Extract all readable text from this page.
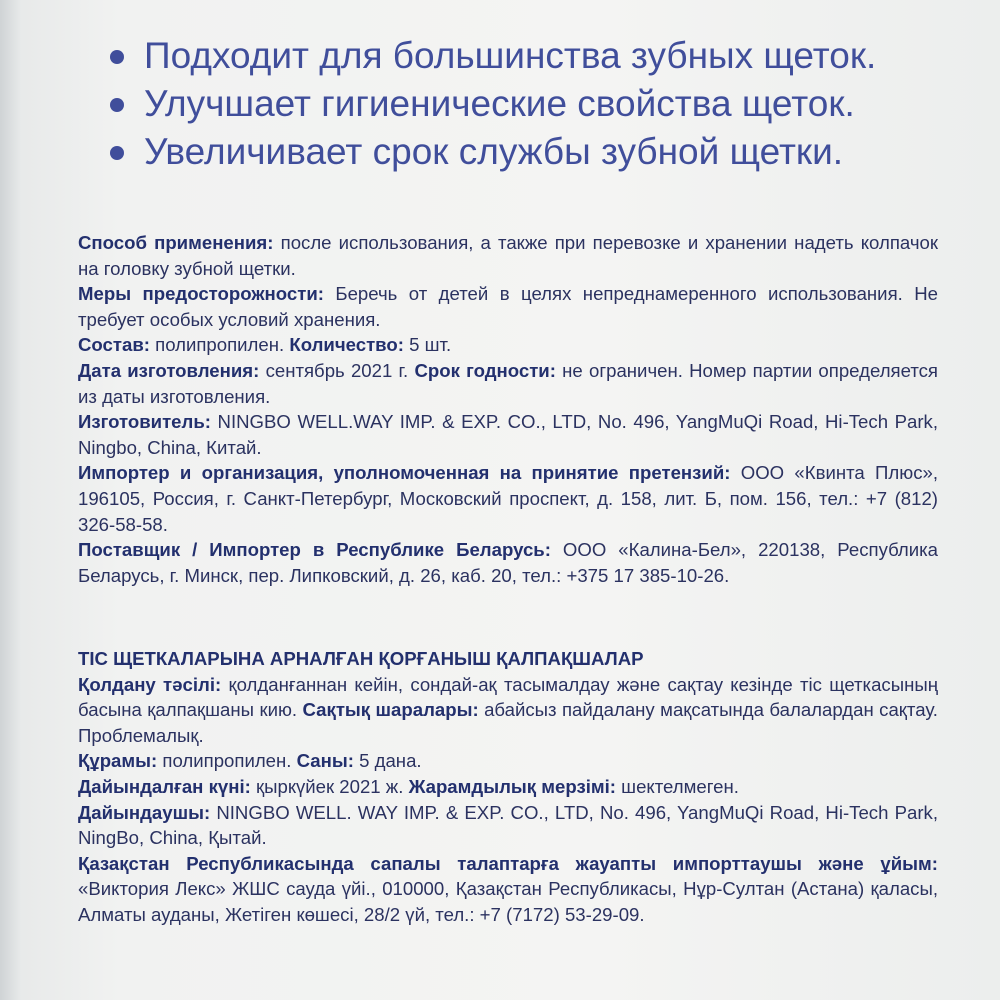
Подходит для большинства зубных щеток.
Улучшает гигиенические свойства щеток.
Увеличивает срок службы зубной щетки.

Способ применения: после использования, а также при перевозке и хранении надеть колпачок на головку зубной щетки.

Меры предосторожности: Беречь от детей в целях непреднамеренного использования. Не требует особых условий хранения.

Состав: полипропилен. Количество: 5 шт.

Дата изготовления: сентябрь 2021 г. Срок годности: не ограничен. Номер партии определяется из даты изготовления.

Изготовитель: NINGBO WELL.WAY IMP. & EXP. CO., LTD, No. 496, YangMuQi Road, Hi-Tech Park, Ningbo, China, Китай.

Импортер и организация, уполномоченная на принятие претензий: ООО «Квинта Плюс», 196105, Россия, г. Санкт-Петербург, Московский проспект, д. 158, лит. Б, пом. 156, тел.: +7 (812) 326-58-58.

Поставщик / Импортер в Республике Беларусь: ООО «Калина-Бел», 220138, Республика Беларусь, г. Минск, пер. Липковский, д. 26, каб. 20, тел.: +375 17 385-10-26.

ТІС ЩЕТКАЛАРЫНА АРНАЛҒАН ҚОРҒАНЫШ ҚАЛПАҚШАЛАР

Қолдану тәсілі: қолданғаннан кейін, сондай-ақ тасымалдау және сақтау кезінде тіс щеткасының басына қалпақшаны кию. Сақтық шаралары: абайсыз пайдалану мақсатында балалардан сақтау. Проблемалық.

Құрамы: полипропилен. Саны: 5 дана.

Дайындалған күні: қыркүйек 2021 ж. Жарамдылық мерзімі: шектелмеген.

Дайындаушы: NINGBO WELL. WAY IMP. & EXP. CO., LTD, No. 496, YangMuQi Road, Hi-Tech Park, NingBo, China, Қытай.

Қазақстан Республикасында сапалы талаптарға жауапты импорттаушы және ұйым: «Виктория Лекс» ЖШС сауда үйі., 010000, Қазақстан Республикасы, Нұр-Султан (Астана) қаласы, Алматы ауданы, Жетіген көшесі, 28/2 үй, тел.: +7 (7172) 53-29-09.
